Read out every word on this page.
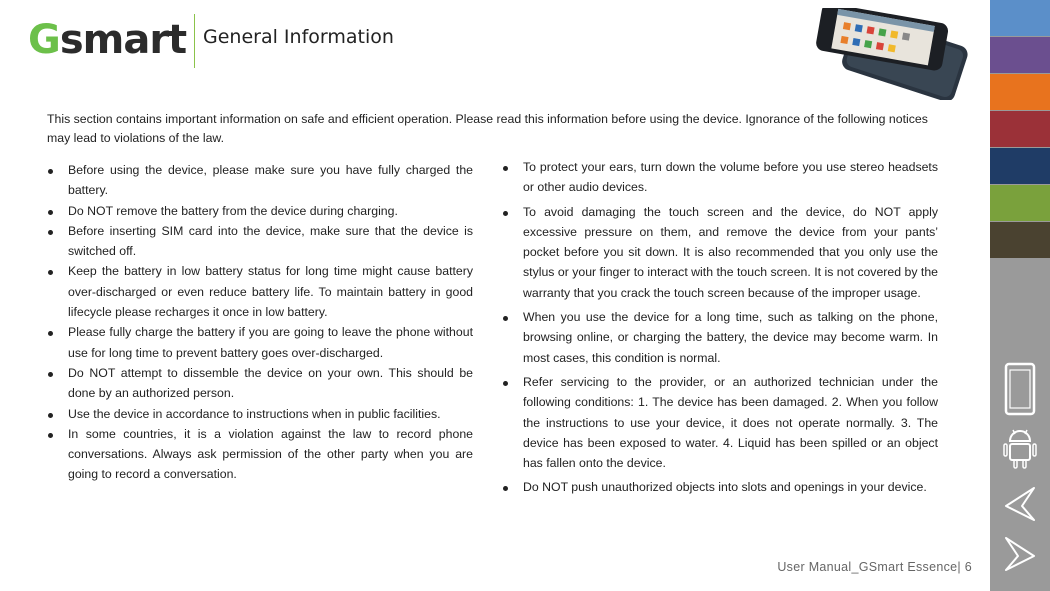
Gsmart General Information
This section contains important information on safe and efficient operation. Please read this information before using the device. Ignorance of the following notices may lead to violations of the law.
Before using the device, please make sure you have fully charged the battery.
Do NOT remove the battery from the device during charging.
Before inserting SIM card into the device, make sure that the device is switched off.
Keep the battery in low battery status for long time might cause battery over-discharged or even reduce battery life. To maintain battery in good lifecycle please recharges it once in low battery.
Please fully charge the battery if you are going to leave the phone without use for long time to prevent battery goes over-discharged.
Do NOT attempt to dissemble the device on your own. This should be done by an authorized person.
Use the device in accordance to instructions when in public facilities.
In some countries, it is a violation against the law to record phone conversations. Always ask permission of the other party when you are going to record a conversation.
To protect your ears, turn down the volume before you use stereo headsets or other audio devices.
To avoid damaging the touch screen and the device, do NOT apply excessive pressure on them, and remove the device from your pants’ pocket before you sit down. It is also recommended that you only use the stylus or your finger to interact with the touch screen. It is not covered by the warranty that you crack the touch screen because of the improper usage.
When you use the device for a long time, such as talking on the phone, browsing online, or charging the battery, the device may become warm. In most cases, this condition is normal.
Refer servicing to the provider, or an authorized technician under the following conditions: 1. The device has been damaged. 2. When you follow the instructions to use your device, it does not operate normally. 3. The device has been exposed to water. 4. Liquid has been spilled or an object has fallen onto the device.
Do NOT push unauthorized objects into slots and openings in your device.
User Manual_GSmart Essence| 6
